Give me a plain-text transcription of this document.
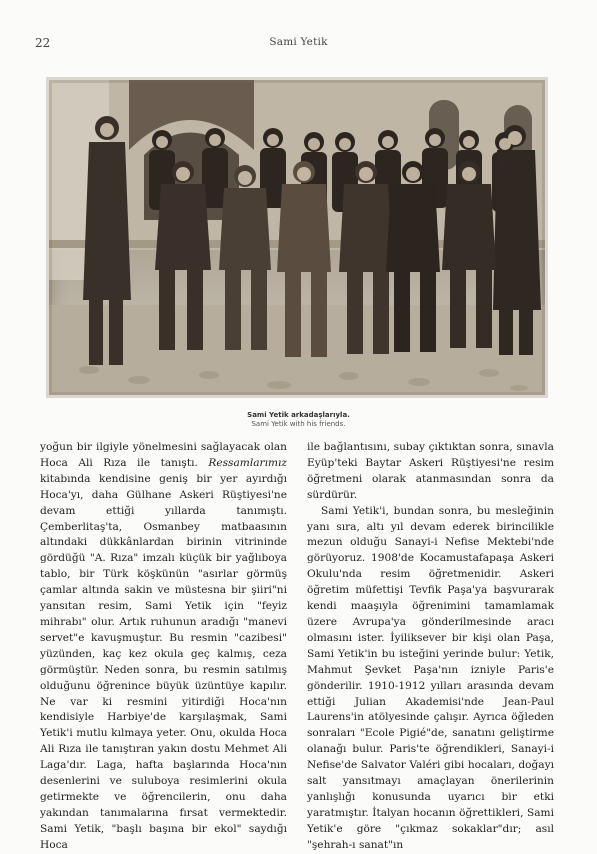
22	Sami Yetik
Sami Yetik arkadaşlarıyla.
Sami Yetik with his friends.

yoğun bir ilgiyle yönelmesini sağlayacak olan Hoca Ali Rıza ile tanıştı. Ressamlarımız kitabında kendisine geniş bir yer ayırdığı Hoca'yı, daha Gülhane Askeri Rüştiyesi'ne devam ettiği yıllarda tanımıştı. Çemberlitaş'ta, Osmanbey matbaasının altındaki dükkânlardan birinin vitrininde gördüğü "A. Rıza" imzalı küçük bir yağlıboya tablo, bir Türk köşkünün "asırlar görmüş çamlar altında sakin ve müstesna bir şiiri"ni yansıtan resim, Sami Yetik için "feyiz mihrabı" olur. Artık ruhunun aradığı "manevi servet"e kavuşmuştur. Bu resmin "cazibesi" yüzünden, kaç kez okula geç kalmış, ceza görmüştür. Neden sonra, bu resmin satılmış olduğunu öğrenince büyük üzüntüye kapılır. Ne var ki resmini yitirdiği Hoca'nın kendisiyle Harbiye'de karşılaşmak, Sami Yetik'i mutlu kılmaya yeter. Onu, okulda Hoca Ali Rıza ile tanıştıran yakın dostu Mehmet Ali Laga'dır. Laga, hafta başlarında Hoca'nın desenlerini ve suluboya resimlerini okula getirmekte ve öğrencilerin, onu daha yakından tanımalarına fırsat vermektedir. Sami Yetik, "başlı başına bir ekol" saydığı Hoca

ile bağlantısını, subay çıktıktan sonra, sınavla Eyüp'teki Baytar Askeri Rüştiyesi'ne resim öğretmeni olarak atanmasından sonra da sürdürür.

Sami Yetik'i, bundan sonra, bu mesleğinin yanı sıra, altı yıl devam ederek birincilikle mezun olduğu Sanayi-i Nefise Mektebi'nde görüyoruz. 1908'de Kocamustafapaşa Askeri Okulu'nda resim öğretmenidir. Askeri öğretim müfettişi Tevfik Paşa'ya başvurarak kendi maaşıyla öğrenimini tamamlamak üzere Avrupa'ya gönderilmesinde aracı olmasını ister. İyiliksever bir kişi olan Paşa, Sami Yetik'in bu isteğini yerinde bulur: Yetik, Mahmut Şevket Paşa'nın izniyle Paris'e gönderilir. 1910-1912 yılları arasında devam ettiği Julian Akademisi'nde Jean-Paul Laurens'in atölyesinde çalışır. Ayrıca öğleden sonraları "Ecole Pigié"de, sanatını geliştirme olanağı bulur. Paris'te öğrendikleri, Sanayi-i Nefise'de Salvator Valéri gibi hocaları, doğayı salt yansıtmayı amaçlayan önerilerinin yanlışlığı konusunda uyarıcı bir etki yaratmıştır. İtalyan hocanın öğrettikleri, Sami Yetik'e göre "çıkmaz sokaklar"dır; asıl "şehrah-ı sanat"ın
